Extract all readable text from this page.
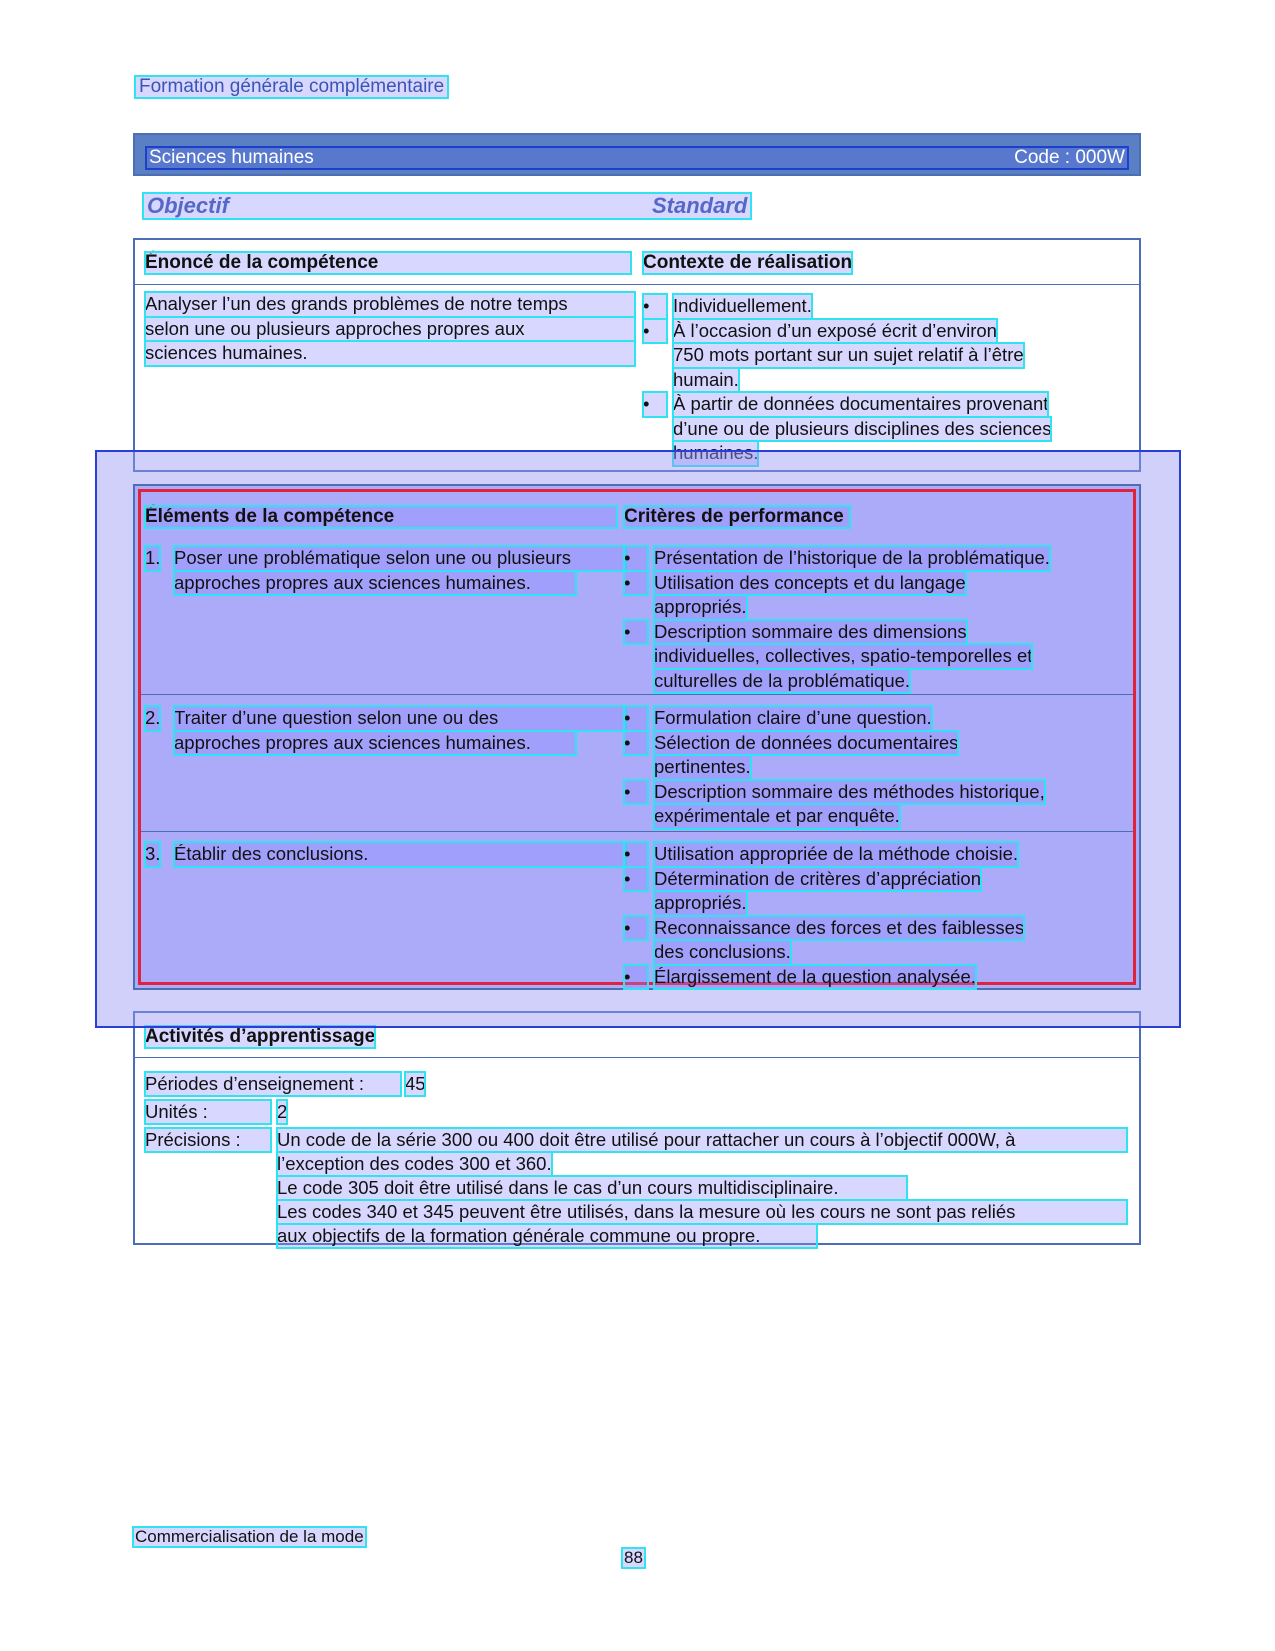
Formation générale complémentaire
Sciences humaines	Code : 000W
Objectif	Standard
Énoncé de la compétence	Contexte de réalisation
Analyser l’un des grands problèmes de notre temps
selon une ou plusieurs approches propres aux
sciences humaines.
•	Individuellement.
•	À l’occasion d’un exposé écrit d’environ
750 mots portant sur un sujet relatif à l’être
humain.
•	À partir de données documentaires provenant
d’une ou de plusieurs disciplines des sciences
humaines.
Activités d’apprentissage
Périodes d’enseignement :	45
Unités :	2
Précisions :	Un code de la série 300 ou 400 doit être utilisé pour rattacher un cours à l’objectif 000W, à
l’exception des codes 300 et 360.
Le code 305 doit être utilisé dans le cas d’un cours multidisciplinaire.
Les codes 340 et 345 peuvent être utilisés, dans la mesure où les cours ne sont pas reliés
aux objectifs de la formation générale commune ou propre.
Éléments de la compétence	Critères de performance
1. Poser une problématique selon une ou plusieurs
approches propres aux sciences humaines.
•	Présentation de l’historique de la problématique.
•	Utilisation des concepts et du langage
appropriés.
•	Description sommaire des dimensions
individuelles, collectives, spatio-temporelles et
culturelles de la problématique.
2. Traiter d’une question selon une ou des
approches propres aux sciences humaines.
•	Formulation claire d’une question.
•	Sélection de données documentaires
pertinentes.
•	Description sommaire des méthodes historique,
expérimentale et par enquête.
3. Établir des conclusions.	•	Utilisation appropriée de la méthode choisie.
•	Détermination de critères d’appréciation
appropriés.
•	Reconnaissance des forces et des faiblesses
des conclusions.
•	Élargissement de la question analysée.
Commercialisation de la mode
88
